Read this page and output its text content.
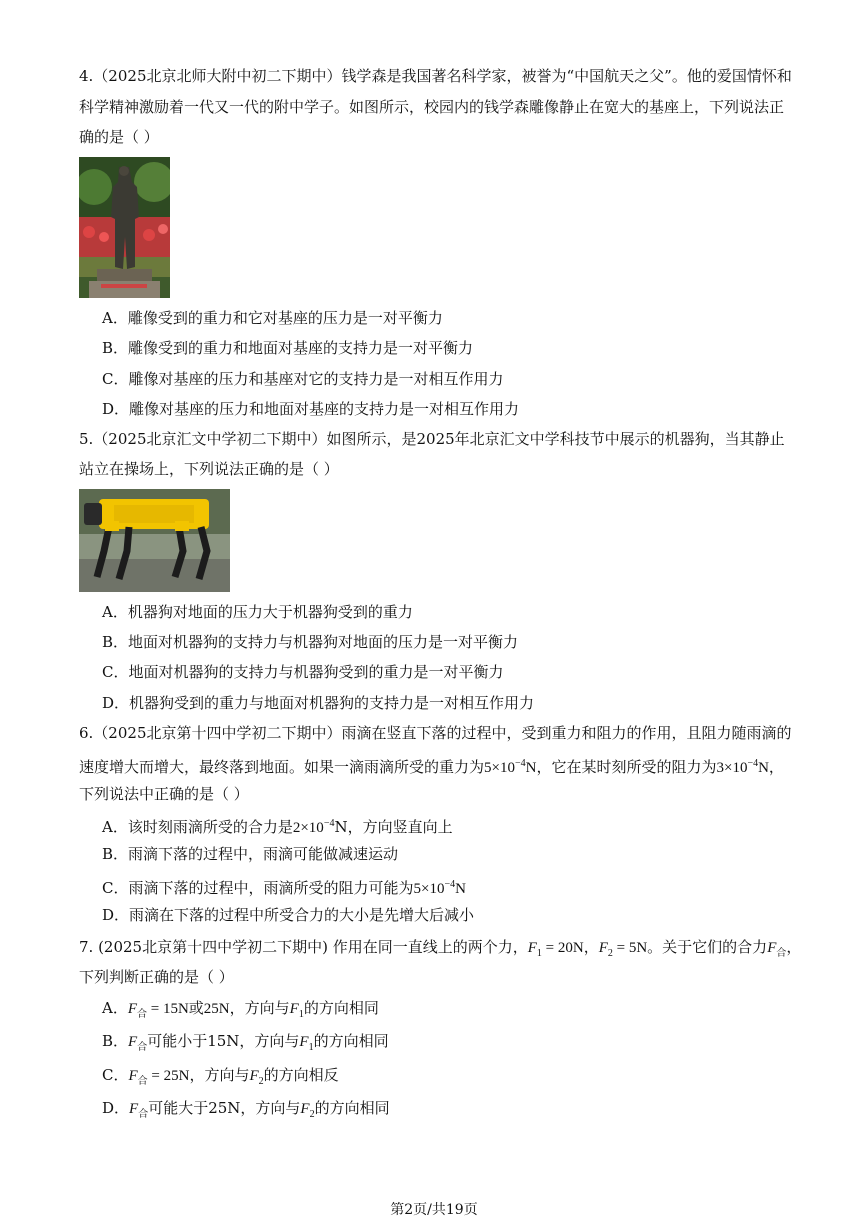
4.（2025北京北师大附中初二下期中）钱学森是我国著名科学家，被誉为“中国航天之父”。他的爱国情怀和
科学精神激励着一代又一代的附中学子。如图所示，校园内的钱学森雕像静止在宽大的基座上，下列说法正
确的是（ ）
A．雕像受到的重力和它对基座的压力是一对平衡力
B．雕像受到的重力和地面对基座的支持力是一对平衡力
C．雕像对基座的压力和基座对它的支持力是一对相互作用力
D．雕像对基座的压力和地面对基座的支持力是一对相互作用力
5.（2025北京汇文中学初二下期中）如图所示，是2025年北京汇文中学科技节中展示的机器狗，当其静止
站立在操场上，下列说法正确的是（ ）
A．机器狗对地面的压力大于机器狗受到的重力
B．地面对机器狗的支持力与机器狗对地面的压力是一对平衡力
C．地面对机器狗的支持力与机器狗受到的重力是一对平衡力
D．机器狗受到的重力与地面对机器狗的支持力是一对相互作用力
6.（2025北京第十四中学初二下期中）雨滴在竖直下落的过程中，受到重力和阻力的作用，且阻力随雨滴的
速度增大而增大，最终落到地面。如果一滴雨滴所受的重力为$5\times 10^{-4}N$，它在某时刻所受的阻力为$3\times 10^{-4}N$，
下列说法中正确的是（ ）
A．该时刻雨滴所受的合力是$2\times 10^{-4}N$，方向竖直向上
B．雨滴下落的过程中，雨滴可能做减速运动
C．雨滴下落的过程中，雨滴所受的阻力可能为$5\times 10^{-4}N$
D．雨滴在下落的过程中所受合力的大小是先增大后减小
7. (2025北京第十四中学初二下期中) 作用在同一直线上的两个力，$F_1 = 20N$，$F_2 = 5N$。关于它们的合力$F_合$，
下列判断正确的是（ ）
A．$F_合 = 15N$或25N，方向与$F_1$的方向相同
B．$F_合$可能小于15N，方向与$F_1$的方向相同
C．$F_合 = 25N$，方向与$F_2$的方向相反
D．$F_合$可能大于25N，方向与$F_2$的方向相同
第2页/共19页
